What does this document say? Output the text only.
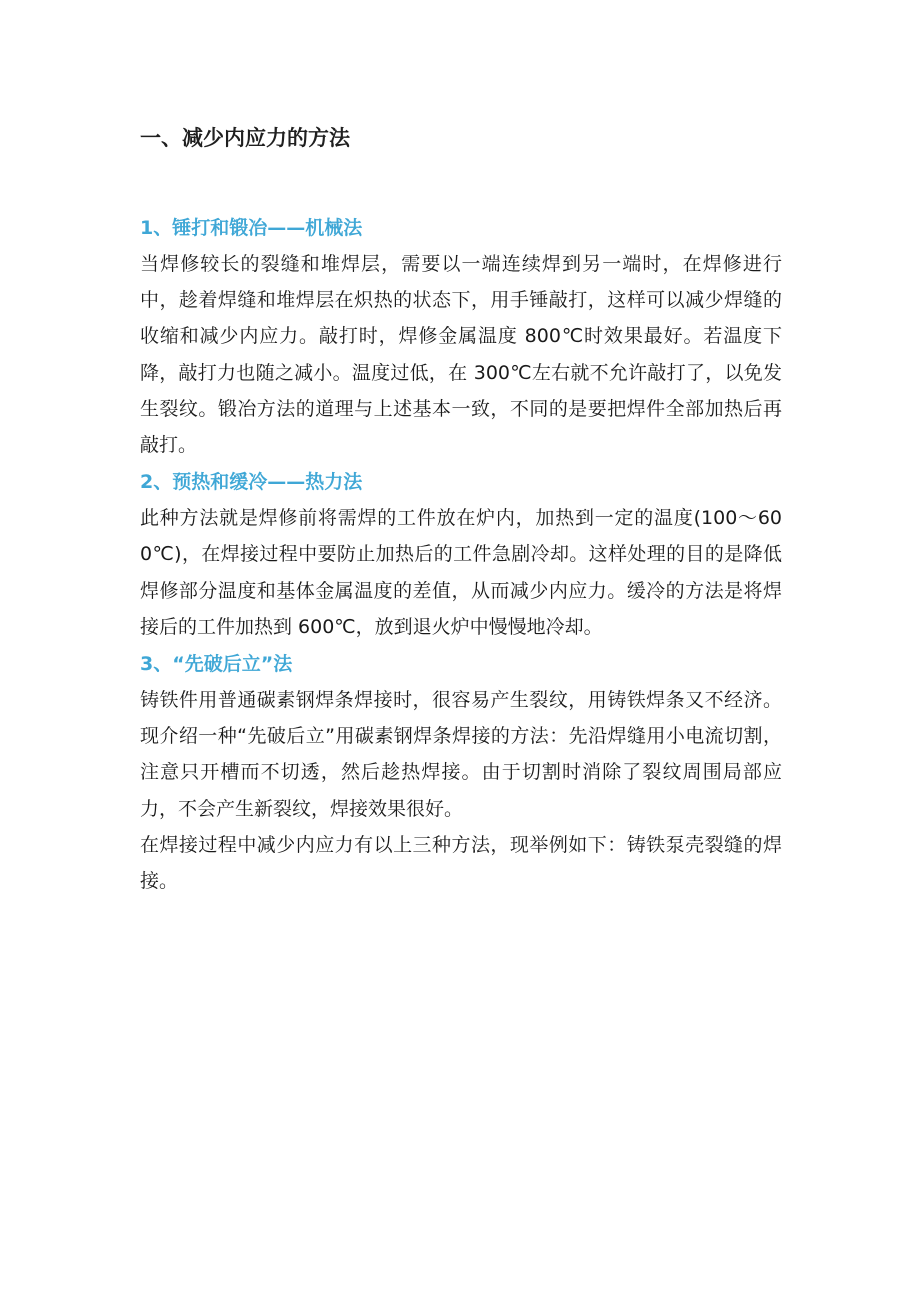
一、减少内应力的方法
1、锤打和锻冶——机械法

当焊修较长的裂缝和堆焊层，需要以一端连续焊到另一端时，在焊修进行中，趁着焊缝和堆焊层在炽热的状态下，用手锤敲打，这样可以减少焊缝的收缩和减少内应力。敲打时，焊修金属温度 800℃时效果最好。若温度下降，敲打力也随之减小。温度过低，在 300℃左右就不允许敲打了，以免发生裂纹。锻冶方法的道理与上述基本一致，不同的是要把焊件全部加热后再敲打。

2、预热和缓冷——热力法

此种方法就是焊修前将需焊的工件放在炉内，加热到一定的温度(100～600℃)，在焊接过程中要防止加热后的工件急剧冷却。这样处理的目的是降低焊修部分温度和基体金属温度的差值，从而减少内应力。缓冷的方法是将焊接后的工件加热到 600℃，放到退火炉中慢慢地冷却。

3、“先破后立”法

铸铁件用普通碳素钢焊条焊接时，很容易产生裂纹，用铸铁焊条又不经济。现介绍一种“先破后立”用碳素钢焊条焊接的方法：先沿焊缝用小电流切割，注意只开槽而不切透，然后趁热焊接。由于切割时消除了裂纹周围局部应力，不会产生新裂纹，焊接效果很好。

在焊接过程中减少内应力有以上三种方法，现举例如下：铸铁泵壳裂缝的焊接。
